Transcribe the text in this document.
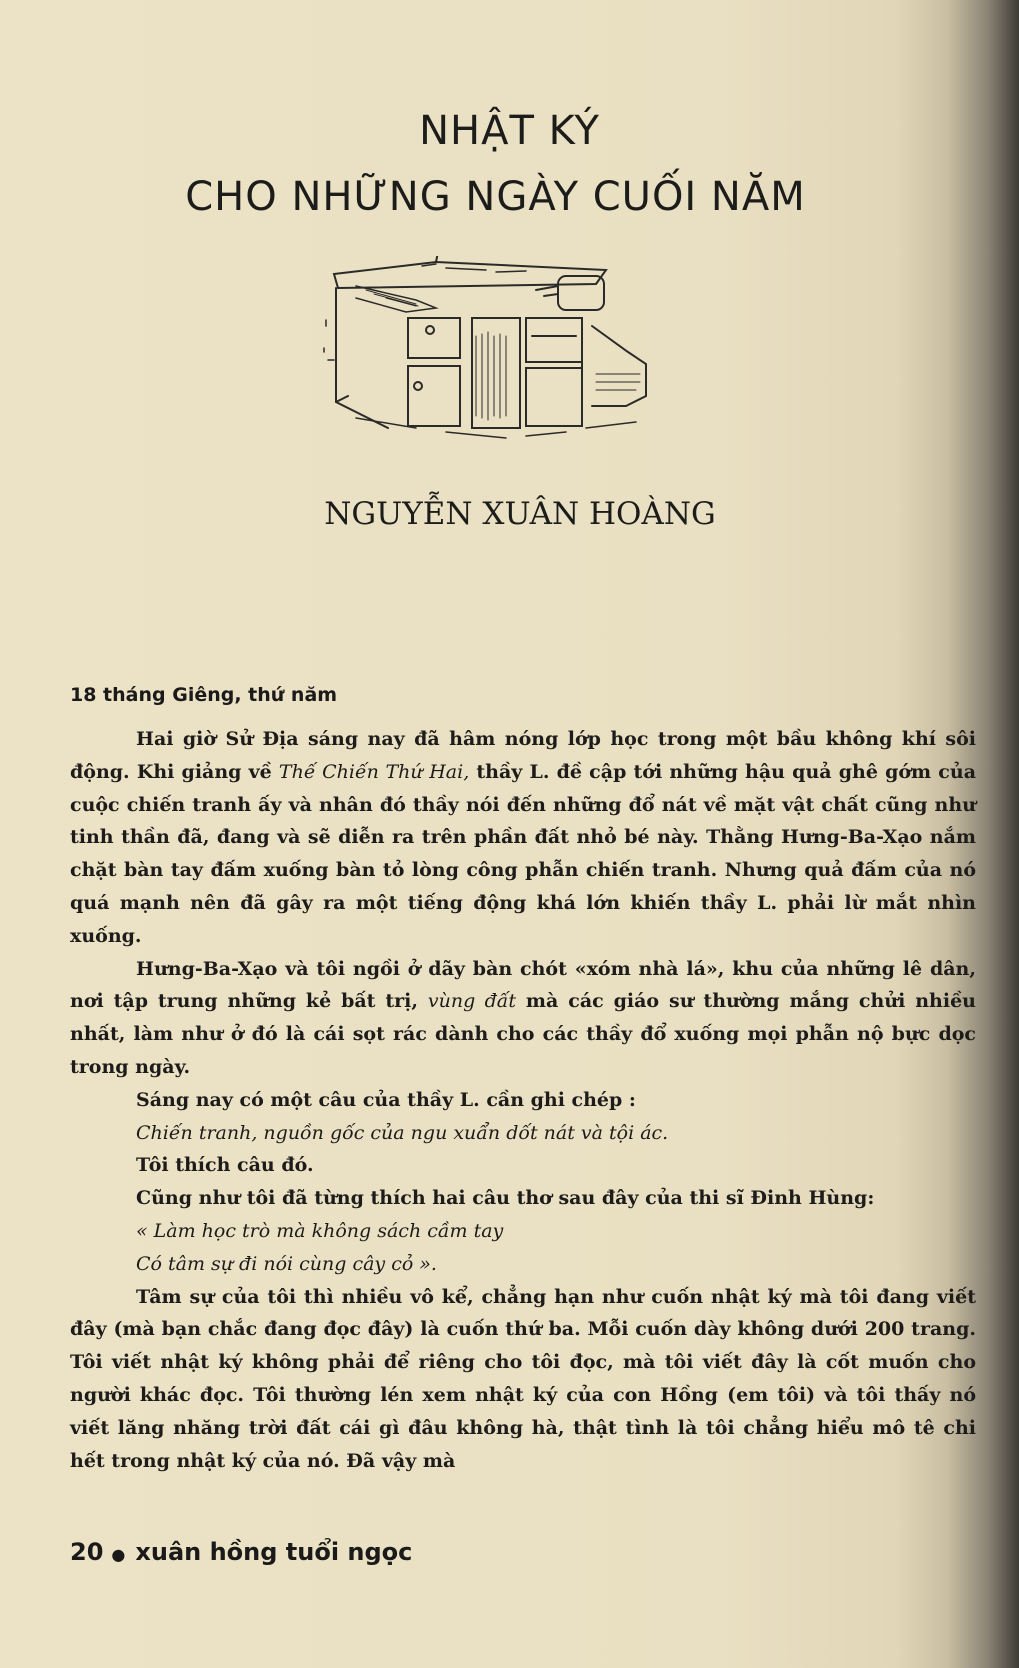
NHẬT KÝ
CHO NHỮNG NGÀY CUỐI NĂM
NGUYỄN XUÂN HOÀNG
18 tháng Giêng, thứ năm

Hai giờ Sử Địa sáng nay đã hâm nóng lớp học trong một bầu không khí sôi động. Khi giảng về Thế Chiến Thứ Hai, thầy L. đề cập tới những hậu quả ghê gớm của cuộc chiến tranh ấy và nhân đó thầy nói đến những đổ nát về mặt vật chất cũng như tinh thần đã, đang và sẽ diễn ra trên phần đất nhỏ bé này. Thằng Hưng-Ba-Xạo nắm chặt bàn tay đấm xuống bàn tỏ lòng công phẫn chiến tranh. Nhưng quả đấm của nó quá mạnh nên đã gây ra một tiếng động khá lớn khiến thầy L. phải lừ mắt nhìn xuống.

Hưng-Ba-Xạo và tôi ngồi ở dãy bàn chót «xóm nhà lá», khu của những lê dân, nơi tập trung những kẻ bất trị, vùng đất mà các giáo sư thường mắng chửi nhiều nhất, làm như ở đó là cái sọt rác dành cho các thầy đổ xuống mọi phẫn nộ bực dọc trong ngày.

Sáng nay có một câu của thầy L. cần ghi chép :

Chiến tranh, nguồn gốc của ngu xuẩn dốt nát và tội ác.

Tôi thích câu đó.

Cũng như tôi đã từng thích hai câu thơ sau đây của thi sĩ Đinh Hùng:

« Làm học trò mà không sách cầm tay

Có tâm sự đi nói cùng cây cỏ ».

Tâm sự của tôi thì nhiều vô kể, chẳng hạn như cuốn nhật ký mà tôi đang viết đây (mà bạn chắc đang đọc đây) là cuốn thứ ba. Mỗi cuốn dày không dưới 200 trang. Tôi viết nhật ký không phải để riêng cho tôi đọc, mà tôi viết đây là cốt muốn cho người khác đọc. Tôi thường lén xem nhật ký của con Hồng (em tôi) và tôi thấy nó viết lăng nhăng trời đất cái gì đâu không hà, thật tình là tôi chẳng hiểu mô tê chi hết trong nhật ký của nó. Đã vậy mà

20 ● xuân hồng tuổi ngọc
